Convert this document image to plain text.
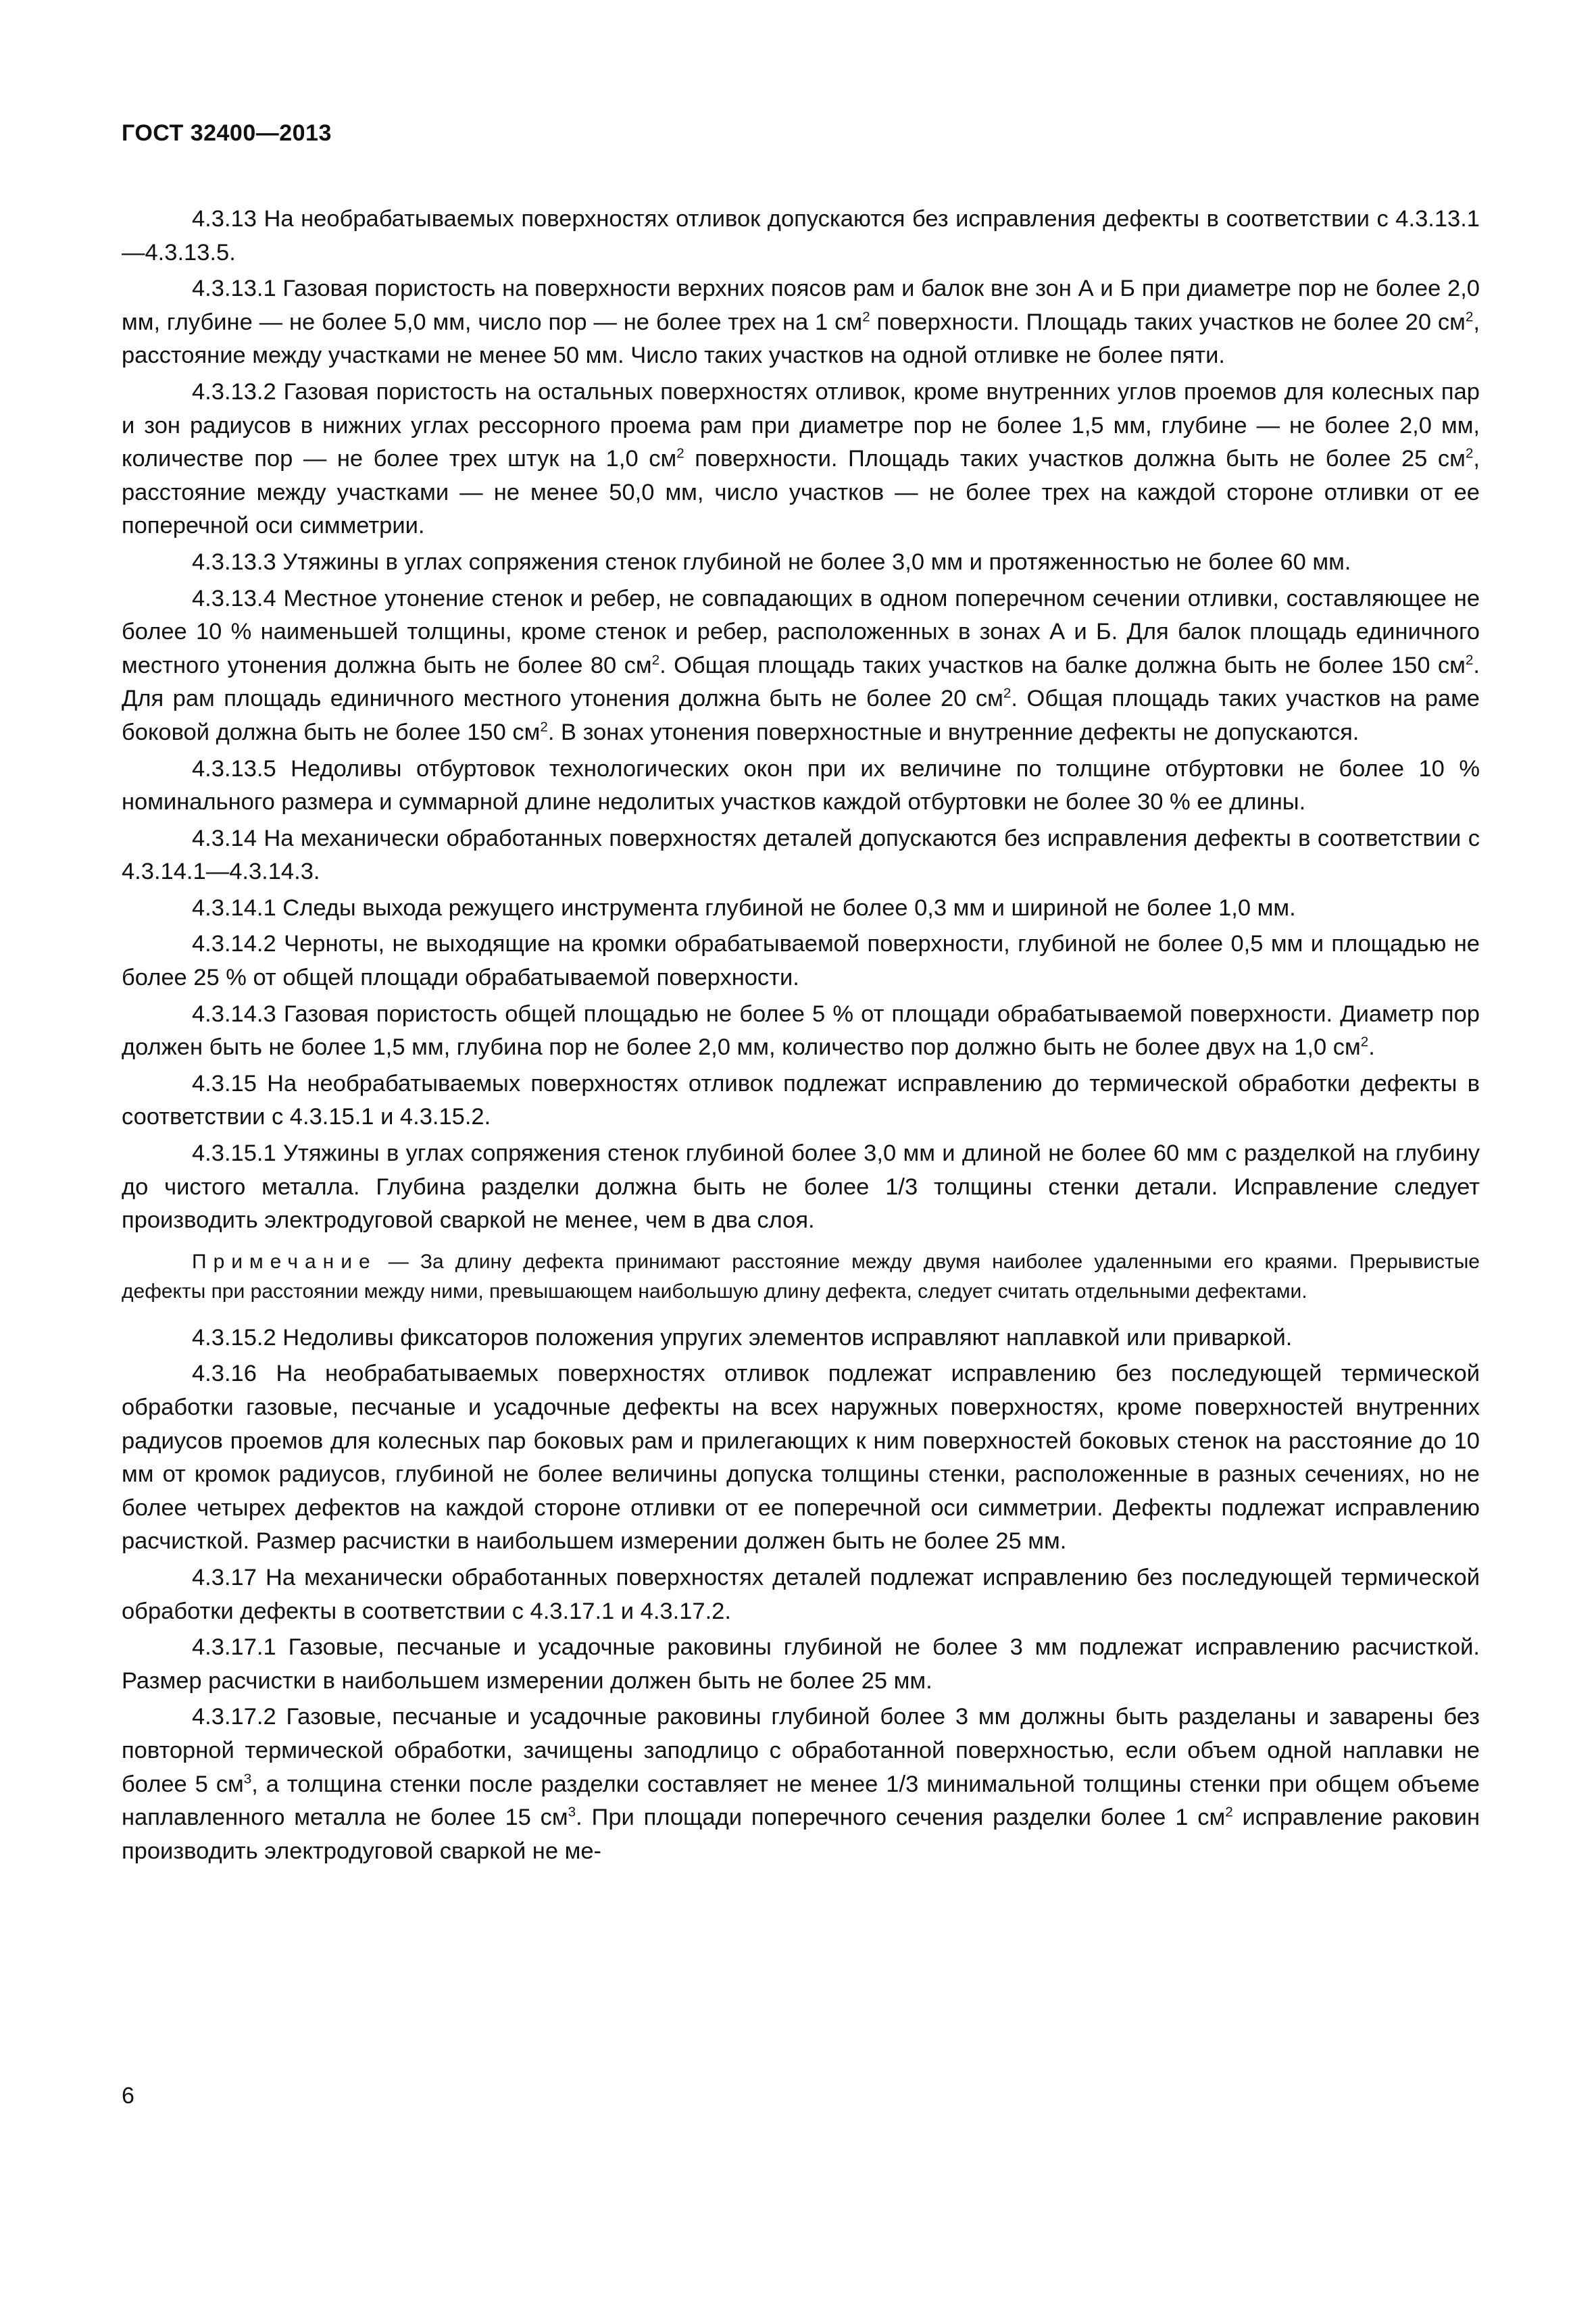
ГОСТ 32400—2013

4.3.13 На необрабатываемых поверхностях отливок допускаются без исправления дефекты в соответствии с 4.3.13.1—4.3.13.5.

4.3.13.1 Газовая пористость на поверхности верхних поясов рам и балок вне зон А и Б при диаметре пор не более 2,0 мм, глубине — не более 5,0 мм, число пор — не более трех на 1 $см^2$ поверхности. Площадь таких участков не более 20 $см^2$, расстояние между участками не менее 50 мм. Число таких участков на одной отливке не более пяти.

4.3.13.2 Газовая пористость на остальных поверхностях отливок, кроме внутренних углов проемов для колесных пар и зон радиусов в нижних углах рессорного проема рам при диаметре пор не более 1,5 мм, глубине — не более 2,0 мм, количестве пор — не более трех штук на 1,0 $см^2$ поверхности. Площадь таких участков должна быть не более 25 $см^2$, расстояние между участками — не менее 50,0 мм, число участков — не более трех на каждой стороне отливки от ее поперечной оси симметрии.

4.3.13.3 Утяжины в углах сопряжения стенок глубиной не более 3,0 мм и протяженностью не более 60 мм.

4.3.13.4 Местное утонение стенок и ребер, не совпадающих в одном поперечном сечении отливки, составляющее не более 10 % наименьшей толщины, кроме стенок и ребер, расположенных в зонах А и Б. Для балок площадь единичного местного утонения должна быть не более 80 $см^2$. Общая площадь таких участков на балке должна быть не более 150 $см^2$. Для рам площадь единичного местного утонения должна быть не более 20 $см^2$. Общая площадь таких участков на раме боковой должна быть не более 150 $см^2$. В зонах утонения поверхностные и внутренние дефекты не допускаются.

4.3.13.5 Недоливы отбуртовок технологических окон при их величине по толщине отбуртовки не более 10 % номинального размера и суммарной длине недолитых участков каждой отбуртовки не более 30 % ее длины.

4.3.14 На механически обработанных поверхностях деталей допускаются без исправления дефекты в соответствии с 4.3.14.1—4.3.14.3.

4.3.14.1 Следы выхода режущего инструмента глубиной не более 0,3 мм и шириной не более 1,0 мм.

4.3.14.2 Черноты, не выходящие на кромки обрабатываемой поверхности, глубиной не более 0,5 мм и площадью не более 25 % от общей площади обрабатываемой поверхности.

4.3.14.3 Газовая пористость общей площадью не более 5 % от площади обрабатываемой поверхности. Диаметр пор должен быть не более 1,5 мм, глубина пор не более 2,0 мм, количество пор должно быть не более двух на 1,0 $см^2$.

4.3.15 На необрабатываемых поверхностях отливок подлежат исправлению до термической обработки дефекты в соответствии с 4.3.15.1 и 4.3.15.2.

4.3.15.1 Утяжины в углах сопряжения стенок глубиной более 3,0 мм и длиной не более 60 мм с разделкой на глубину до чистого металла. Глубина разделки должна быть не более 1/3 толщины стенки детали. Исправление следует производить электродуговой сваркой не менее, чем в два слоя.

Примечание — За длину дефекта принимают расстояние между двумя наиболее удаленными его краями. Прерывистые дефекты при расстоянии между ними, превышающем наибольшую длину дефекта, следует считать отдельными дефектами.

4.3.15.2 Недоливы фиксаторов положения упругих элементов исправляют наплавкой или приваркой.

4.3.16 На необрабатываемых поверхностях отливок подлежат исправлению без последующей термической обработки газовые, песчаные и усадочные дефекты на всех наружных поверхностях, кроме поверхностей внутренних радиусов проемов для колесных пар боковых рам и прилегающих к ним поверхностей боковых стенок на расстояние до 10 мм от кромок радиусов, глубиной не более величины допуска толщины стенки, расположенные в разных сечениях, но не более четырех дефектов на каждой стороне отливки от ее поперечной оси симметрии. Дефекты подлежат исправлению расчисткой. Размер расчистки в наибольшем измерении должен быть не более 25 мм.

4.3.17 На механически обработанных поверхностях деталей подлежат исправлению без последующей термической обработки дефекты в соответствии с 4.3.17.1 и 4.3.17.2.

4.3.17.1 Газовые, песчаные и усадочные раковины глубиной не более 3 мм подлежат исправлению расчисткой. Размер расчистки в наибольшем измерении должен быть не более 25 мм.

4.3.17.2 Газовые, песчаные и усадочные раковины глубиной более 3 мм должны быть разделаны и заварены без повторной термической обработки, зачищены заподлицо с обработанной поверхностью, если объем одной наплавки не более 5 $см^3$, а толщина стенки после разделки составляет не менее 1/3 минимальной толщины стенки при общем объеме наплавленного металла не более 15 $см^3$. При площади поперечного сечения разделки более 1 $см^2$ исправление раковин производить электродуговой сваркой не ме-

6
